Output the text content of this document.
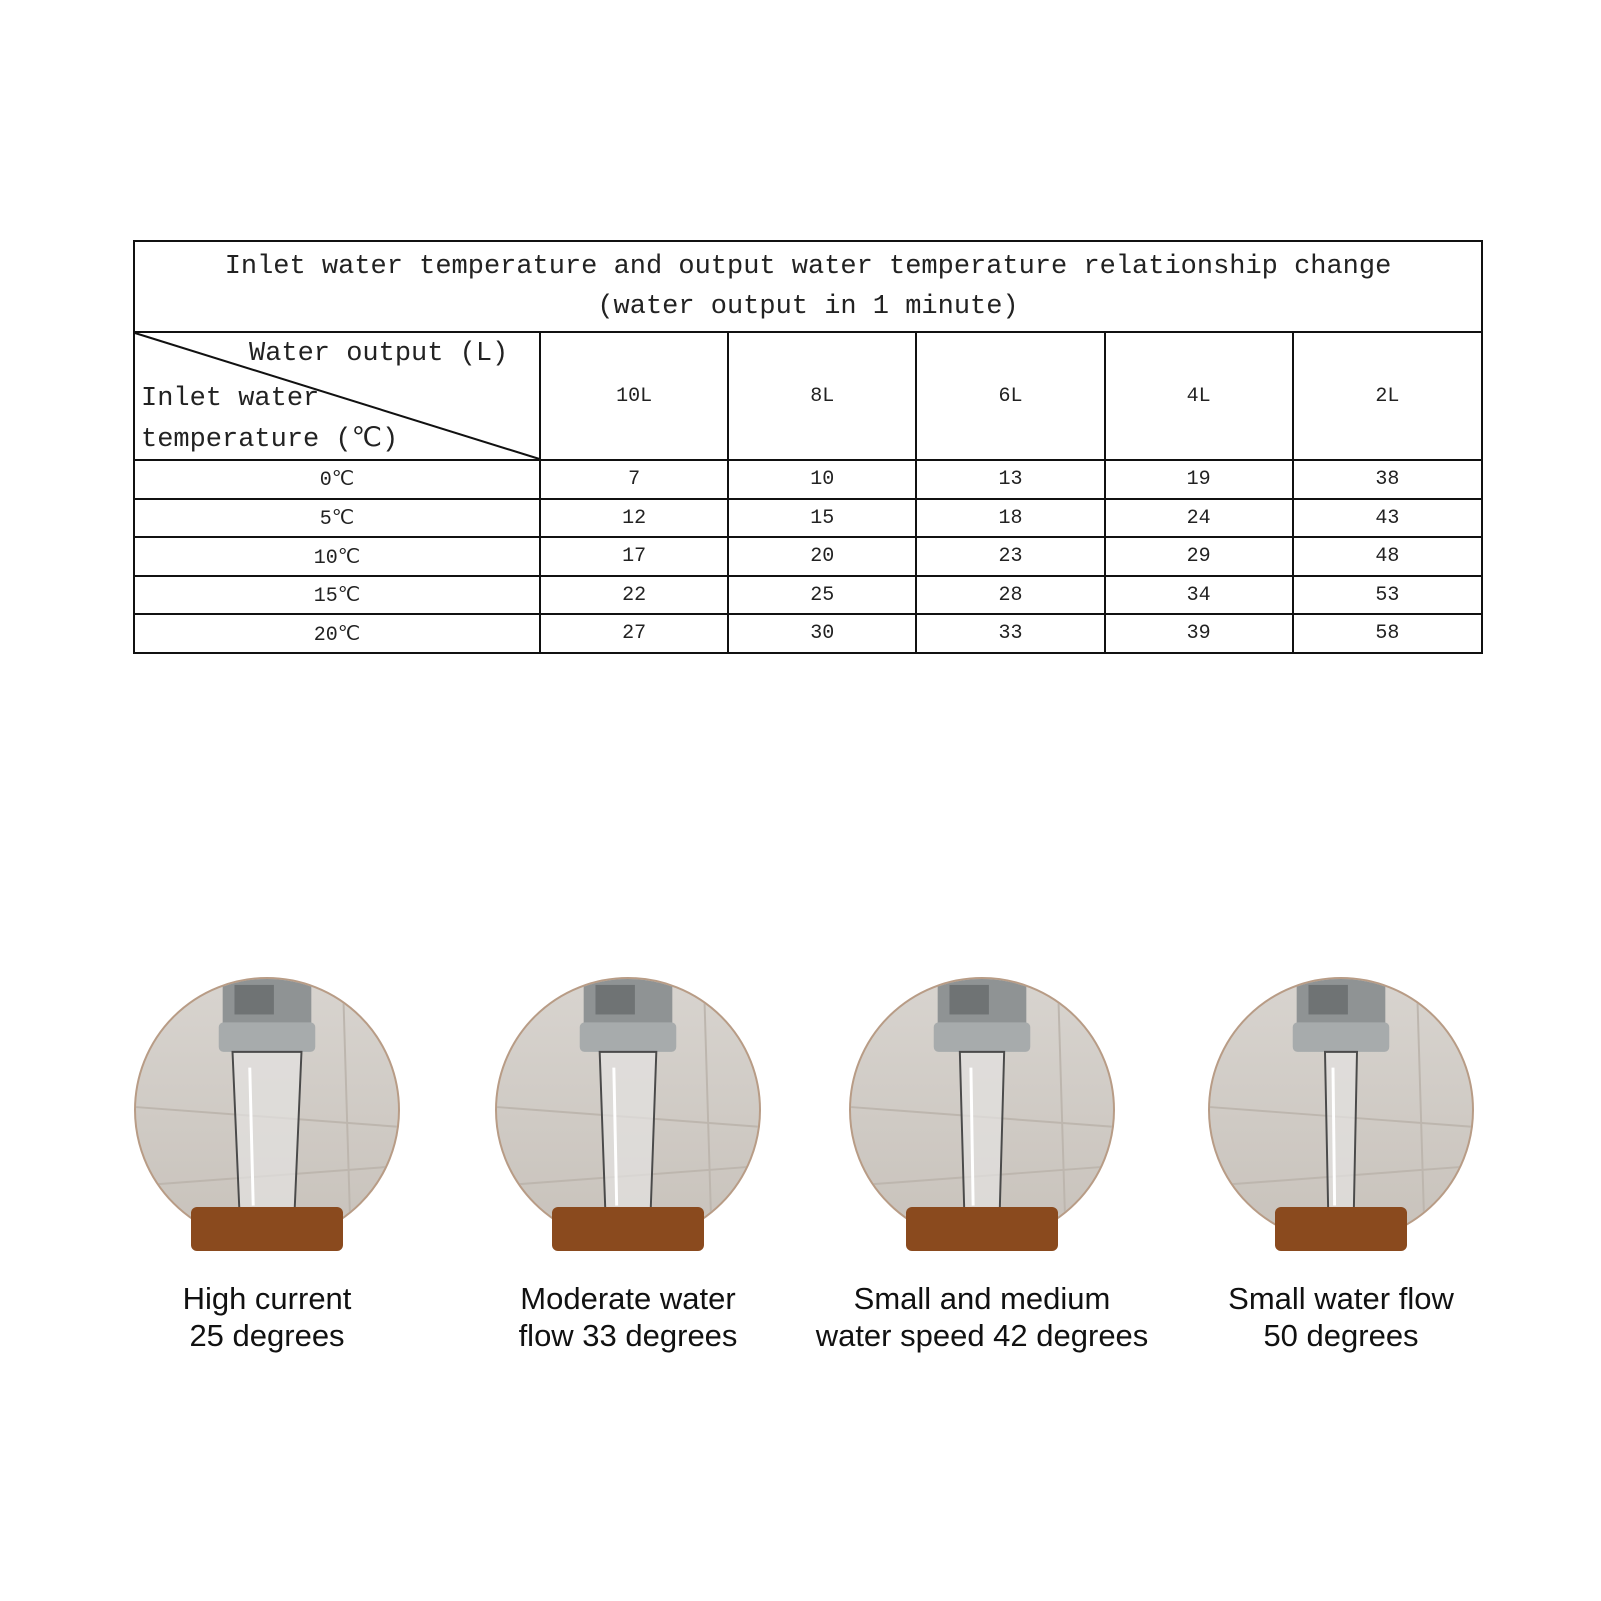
Inlet water temperature and output water temperature relationship change
(water output in 1 minute)					

Water output (L)
Inlet water
temperature (℃)	10L	8L	6L	4L	2L
0℃	7	10	13	19	38
5℃	12	15	18	24	43
10℃	17	20	23	29	48
15℃	22	25	28	34	53
20℃	27	30	33	39	58
High current
25 degrees
Moderate water
flow 33 degrees
Small and medium
water speed 42 degrees
Small water flow
50 degrees
